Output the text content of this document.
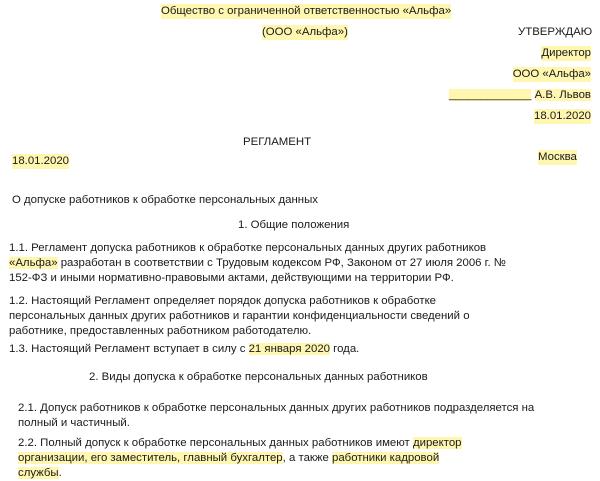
Общество с ограниченной ответственностью «Альфа»
(ООО «Альфа»)	УТВЕРЖДАЮ
Директор
ООО «Альфа»
_____________ А.В. Львов
18.01.2020
РЕГЛАМЕНТ
18.01.2020	Москва
О допуске работников к обработке персональных данных
1. Общие положения
1.1. Регламент допуска работников к обработке персональных данных других работников «Альфа» разработан в соответствии с Трудовым кодексом РФ, Законом от 27 июля 2006 г. № 152-ФЗ и иными нормативно-правовыми актами, действующими на территории РФ.
1.2. Настоящий Регламент определяет порядок допуска работников к обработке персональных данных других работников и гарантии конфиденциальности сведений о работнике, предоставленных работником работодателю.
1.3. Настоящий Регламент вступает в силу с 21 января 2020 года.
2. Виды допуска к обработке персональных данных работников
2.1. Допуск работников к обработке персональных данных других работников подразделяется на полный и частичный.
2.2. Полный допуск к обработке персональных данных работников имеют директор организации, его заместитель, главный бухгалтер, а также работники кадровой службы.
